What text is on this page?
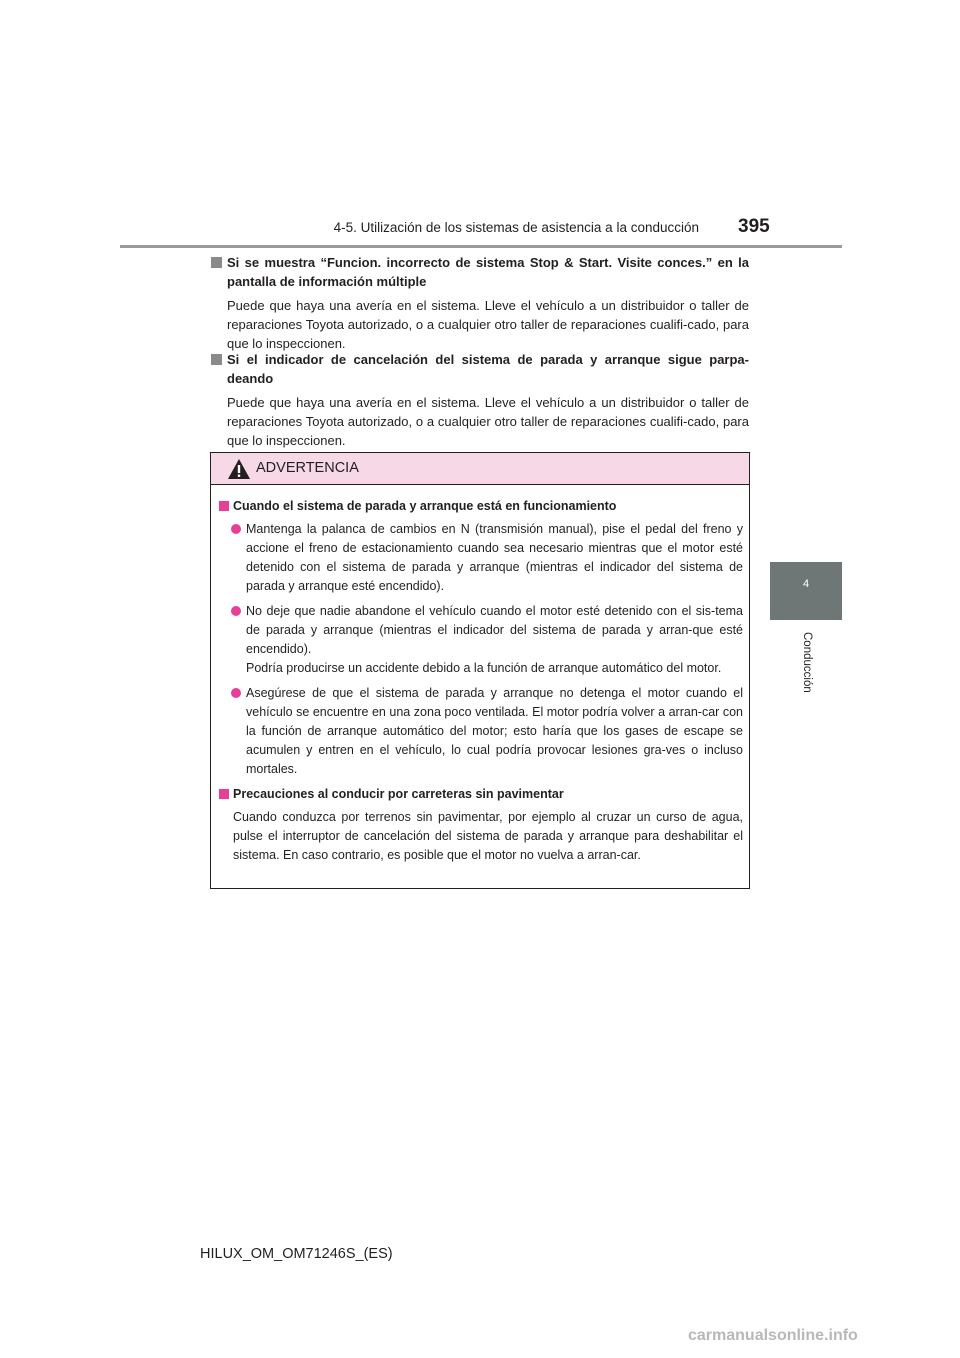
4-5. Utilización de los sistemas de asistencia a la conducción 395
4
Conducción
Si se muestra “Funcion. incorrecto de sistema Stop & Start. Visite conces.” en la pantalla de información múltiple
Puede que haya una avería en el sistema. Lleve el vehículo a un distribuidor o taller de reparaciones Toyota autorizado, o a cualquier otro taller de reparaciones cualifi-cado, para que lo inspeccionen.
Si el indicador de cancelación del sistema de parada y arranque sigue parpa-deando
Puede que haya una avería en el sistema. Lleve el vehículo a un distribuidor o taller de reparaciones Toyota autorizado, o a cualquier otro taller de reparaciones cualifi-cado, para que lo inspeccionen.
ADVERTENCIA
Cuando el sistema de parada y arranque está en funcionamiento
Mantenga la palanca de cambios en N (transmisión manual), pise el pedal del freno y accione el freno de estacionamiento cuando sea necesario mientras que el motor esté detenido con el sistema de parada y arranque (mientras el indicador del sistema de parada y arranque esté encendido).
No deje que nadie abandone el vehículo cuando el motor esté detenido con el sis-tema de parada y arranque (mientras el indicador del sistema de parada y arran-que esté encendido).
Podría producirse un accidente debido a la función de arranque automático del motor.
Asegúrese de que el sistema de parada y arranque no detenga el motor cuando el vehículo se encuentre en una zona poco ventilada. El motor podría volver a arran-car con la función de arranque automático del motor; esto haría que los gases de escape se acumulen y entren en el vehículo, lo cual podría provocar lesiones gra-ves o incluso mortales.
Precauciones al conducir por carreteras sin pavimentar
Cuando conduzca por terrenos sin pavimentar, por ejemplo al cruzar un curso de agua, pulse el interruptor de cancelación del sistema de parada y arranque para deshabilitar el sistema. En caso contrario, es posible que el motor no vuelva a arran-car.
HILUX_OM_OM71246S_(ES)
carmanualsonline.info
